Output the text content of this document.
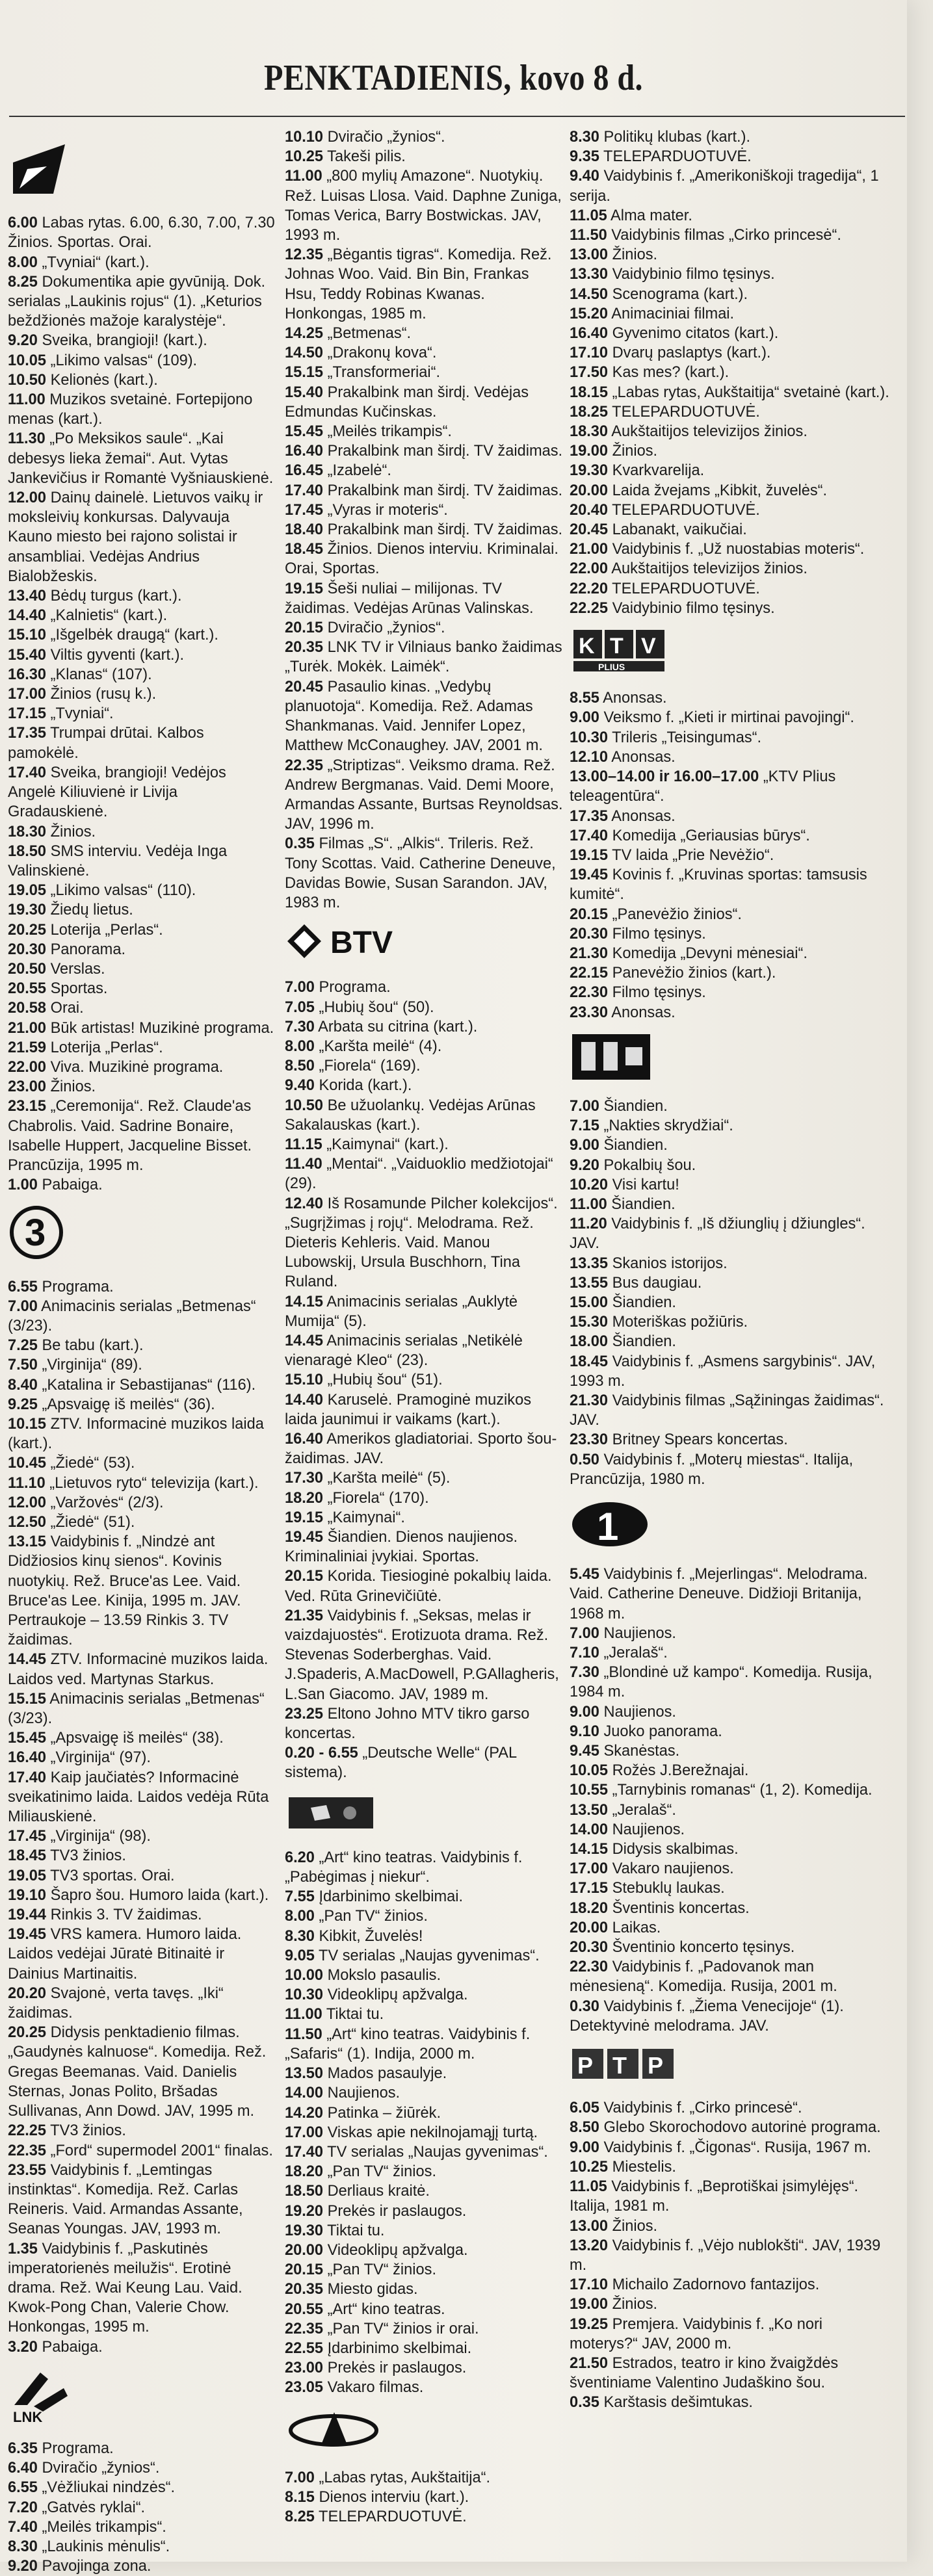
PENKTADIENIS, kovo 8 d.

6.00 Labas rytas. 6.00, 6.30, 7.00, 7.30 Žinios. Sportas. Orai.

8.00 „Tvyniai“ (kart.).

8.25 Dokumentika apie gyvūniją. Dok. serialas „Laukinis rojus“ (1). „Keturios beždžionės mažoje karalystėje“.

9.20 Sveika, brangioji! (kart.).

10.05 „Likimo valsas“ (109).

10.50 Kelionės (kart.).

11.00 Muzikos svetainė. Fortepijono menas (kart.).

11.30 „Po Meksikos saule“. „Kai debesys lieka žemai“. Aut. Vytas Jankevičius ir Romantė Vyšniauskienė.

12.00 Dainų dainelė. Lietuvos vaikų ir moksleivių konkursas. Dalyvauja Kauno miesto bei rajono solistai ir ansambliai. Vedėjas Andrius Bialobžeskis.

13.40 Bėdų turgus (kart.).

14.40 „Kalnietis“ (kart.).

15.10 „Išgelbėk draugą“ (kart.).

15.40 Viltis gyventi (kart.).

16.30 „Klanas“ (107).

17.00 Žinios (rusų k.).

17.15 „Tvyniai“.

17.35 Trumpai drūtai. Kalbos pamokėlė.

17.40 Sveika, brangioji! Vedėjos Angelė Kiliuvienė ir Livija Gradauskienė.

18.30 Žinios.

18.50 SMS interviu. Vedėja Inga Valinskienė.

19.05 „Likimo valsas“ (110).

19.30 Žiedų lietus.

20.25 Loterija „Perlas“.

20.30 Panorama.

20.50 Verslas.

20.55 Sportas.

20.58 Orai.

21.00 Būk artistas! Muzikinė programa.

21.59 Loterija „Perlas“.

22.00 Viva. Muzikinė programa.

23.00 Žinios.

23.15 „Ceremonija“. Rež. Claude'as Chabrolis. Vaid. Sadrine Bonaire, Isabelle Huppert, Jacqueline Bisset. Prancūzija, 1995 m.

1.00 Pabaiga.

3

6.55 Programa.

7.00 Animacinis serialas „Betmenas“ (3/23).

7.25 Be tabu (kart.).

7.50 „Virginija“ (89).

8.40 „Katalina ir Sebastijanas“ (116).

9.25 „Apsvaigę iš meilės“ (36).

10.15 ZTV. Informacinė muzikos laida (kart.).

10.45 „Žiedė“ (53).

11.10 „Lietuvos ryto“ televizija (kart.).

12.00 „Varžovės“ (2/3).

12.50 „Žiedė“ (51).

13.15 Vaidybinis f. „Nindzė ant Didžiosios kinų sienos“. Kovinis nuotykių. Rež. Bruce'as Lee. Vaid. Bruce'as Lee. Kinija, 1995 m. JAV. Pertraukoje – 13.59 Rinkis 3. TV žaidimas.

14.45 ZTV. Informacinė muzikos laida. Laidos ved. Martynas Starkus.

15.15 Animacinis serialas „Betmenas“ (3/23).

15.45 „Apsvaigę iš meilės“ (38).

16.40 „Virginija“ (97).

17.40 Kaip jaučiatės? Informacinė sveikatinimo laida. Laidos vedėja Rūta Miliauskienė.

17.45 „Virginija“ (98).

18.45 TV3 žinios.

19.05 TV3 sportas. Orai.

19.10 Šapro šou. Humoro laida (kart.).

19.44 Rinkis 3. TV žaidimas.

19.45 VRS kamera. Humoro laida. Laidos vedėjai Jūratė Bitinaitė ir Dainius Martinaitis.

20.20 Svajonė, verta tavęs. „Iki“ žaidimas.

20.25 Didysis penktadienio filmas. „Gaudynės kalnuose“. Komedija. Rež. Gregas Beemanas. Vaid. Danielis Sternas, Jonas Polito, Bršadas Sullivanas, Ann Dowd. JAV, 1995 m.

22.25 TV3 žinios.

22.35 „Ford“ supermodel 2001“ finalas.

23.55 Vaidybinis f. „Lemtingas instinktas“. Komedija. Rež. Carlas Reineris. Vaid. Armandas Assante, Seanas Youngas. JAV, 1993 m.

1.35 Vaidybinis f. „Paskutinės imperatorienės meilužis“. Erotinė drama. Rež. Wai Keung Lau. Vaid. Kwok-Pong Chan, Valerie Chow. Honkongas, 1995 m.

3.20 Pabaiga.

LNK

6.35 Programa.

6.40 Dviračio „žynios“.

6.55 „Vėžliukai nindzės“.

7.20 „Gatvės ryklai“.

7.40 „Meilės trikampis“.

8.30 „Laukinis mėnulis“.

9.20 Pavojinga zona.

10.10 Dviračio „žynios“.

10.25 Takeši pilis.

11.00 „800 mylių Amazone“. Nuotykių. Rež. Luisas Llosa. Vaid. Daphne Zuniga, Tomas Verica, Barry Bostwickas. JAV, 1993 m.

12.35 „Bėgantis tigras“. Komedija. Rež. Johnas Woo. Vaid. Bin Bin, Frankas Hsu, Teddy Robinas Kwanas. Honkongas, 1985 m.

14.25 „Betmenas“.

14.50 „Drakonų kova“.

15.15 „Transformeriai“.

15.40 Prakalbink man širdį. Vedėjas Edmundas Kučinskas.

15.45 „Meilės trikampis“.

16.40 Prakalbink man širdį. TV žaidimas.

16.45 „Izabelė“.

17.40 Prakalbink man širdį. TV žaidimas.

17.45 „Vyras ir moteris“.

18.40 Prakalbink man širdį. TV žaidimas.

18.45 Žinios. Dienos interviu. Kriminalai. Orai, Sportas.

19.15 Šeši nuliai – milijonas. TV žaidimas. Vedėjas Arūnas Valinskas.

20.15 Dviračio „žynios“.

20.35 LNK TV ir Vilniaus banko žaidimas „Turėk. Mokėk. Laimėk“.

20.45 Pasaulio kinas. „Vedybų planuotoja“. Komedija. Rež. Adamas Shankmanas. Vaid. Jennifer Lopez, Matthew McConaughey. JAV, 2001 m.

22.35 „Striptizas“. Veiksmo drama. Rež. Andrew Bergmanas. Vaid. Demi Moore, Armandas Assante, Burtsas Reynoldsas. JAV, 1996 m.

0.35 Filmas „S“. „Alkis“. Trileris. Rež. Tony Scottas. Vaid. Catherine Deneuve, Davidas Bowie, Susan Sarandon. JAV, 1983 m.

BTV

7.00 Programa.

7.05 „Hubių šou“ (50).

7.30 Arbata su citrina (kart.).

8.00 „Karšta meilė“ (4).

8.50 „Fiorela“ (169).

9.40 Korida (kart.).

10.50 Be užuolankų. Vedėjas Arūnas Sakalauskas (kart.).

11.15 „Kaimynai“ (kart.).

11.40 „Mentai“. „Vaiduoklio medžiotojai“ (29).

12.40 Iš Rosamunde Pilcher kolekcijos“. „Sugrįžimas į rojų“. Melodrama. Rež. Dieteris Kehleris. Vaid. Manou Lubowskij, Ursula Buschhorn, Tina Ruland.

14.15 Animacinis serialas „Auklytė Mumija“ (5).

14.45 Animacinis serialas „Netikėlė vienaragė Kleo“ (23).

15.10 „Hubių šou“ (51).

14.40 Karuselė. Pramoginė muzikos laida jaunimui ir vaikams (kart.).

16.40 Amerikos gladiatoriai. Sporto šou-žaidimas. JAV.

17.30 „Karšta meilė“ (5).

18.20 „Fiorela“ (170).

19.15 „Kaimynai“.

19.45 Šiandien. Dienos naujienos. Kriminaliniai įvykiai. Sportas.

20.15 Korida. Tiesioginė pokalbių laida. Ved. Rūta Grinevičiūtė.

21.35 Vaidybinis f. „Seksas, melas ir vaizdajuostės“. Erotizuota drama. Rež. Stevenas Soderberghas. Vaid. J.Spaderis, A.MacDowell, P.GAllagheris, L.San Giacomo. JAV, 1989 m.

23.25 Eltono Johno MTV tikro garso koncertas.

0.20 - 6.55 „Deutsche Welle“ (PAL sistema).

6.20 „Art“ kino teatras. Vaidybinis f. „Pabėgimas į niekur“.

7.55 Įdarbinimo skelbimai.

8.00 „Pan TV“ žinios.

8.30 Kibkit, Žuvelės!

9.05 TV serialas „Naujas gyvenimas“.

10.00 Mokslo pasaulis.

10.30 Videoklipų apžvalga.

11.00 Tiktai tu.

11.50 „Art“ kino teatras. Vaidybinis f. „Safaris“ (1). Indija, 2000 m.

13.50 Mados pasaulyje.

14.00 Naujienos.

14.20 Patinka – žiūrėk.

17.00 Viskas apie nekilnojamąjį turtą.

17.40 TV serialas „Naujas gyvenimas“.

18.20 „Pan TV“ žinios.

18.50 Derliaus kraitė.

19.20 Prekės ir paslaugos.

19.30 Tiktai tu.

20.00 Videoklipų apžvalga.

20.15 „Pan TV“ žinios.

20.35 Miesto gidas.

20.55 „Art“ kino teatras.

22.35 „Pan TV“ žinios ir orai.

22.55 Įdarbinimo skelbimai.

23.00 Prekės ir paslaugos.

23.05 Vakaro filmas.

7.00 „Labas rytas, Aukštaitija“.

8.15 Dienos interviu (kart.).

8.25 TELEPARDUOTUVĖ.

8.30 Politikų klubas (kart.).

9.35 TELEPARDUOTUVĖ.

9.40 Vaidybinis f. „Amerikoniškoji tragedija“, 1 serija.

11.05 Alma mater.

11.50 Vaidybinis filmas „Cirko princesė“.

13.00 Žinios.

13.30 Vaidybinio filmo tęsinys.

14.50 Scenograma (kart.).

15.20 Animaciniai filmai.

16.40 Gyvenimo citatos (kart.).

17.10 Dvarų paslaptys (kart.).

17.50 Kas mes? (kart.).

18.15 „Labas rytas, Aukštaitija“ svetainė (kart.).

18.25 TELEPARDUOTUVĖ.

18.30 Aukštaitijos televizijos žinios.

19.00 Žinios.

19.30 Kvarkvarelija.

20.00 Laida žvejams „Kibkit, žuvelės“.

20.40 TELEPARDUOTUVĖ.

20.45 Labanakt, vaikučiai.

21.00 Vaidybinis f. „Už nuostabias moteris“.

22.00 Aukštaitijos televizijos žinios.

22.20 TELEPARDUOTUVĖ.

22.25 Vaidybinio filmo tęsinys.

K T V
PLIUS

8.55 Anonsas.

9.00 Veiksmo f. „Kieti ir mirtinai pavojingi“.

10.30 Trileris „Teisingumas“.

12.10 Anonsas.

13.00–14.00 ir 16.00–17.00 „KTV Plius teleagentūra“.

17.35 Anonsas.

17.40 Komedija „Geriausias būrys“.

19.15 TV laida „Prie Nevėžio“.

19.45 Kovinis f. „Kruvinas sportas: tamsusis kumitė“.

20.15 „Panevėžio žinios“.

20.30 Filmo tęsinys.

21.30 Komedija „Devyni mėnesiai“.

22.15 Panevėžio žinios (kart.).

22.30 Filmo tęsinys.

23.30 Anonsas.

7.00 Šiandien.

7.15 „Nakties skrydžiai“.

9.00 Šiandien.

9.20 Pokalbių šou.

10.20 Visi kartu!

11.00 Šiandien.

11.20 Vaidybinis f. „Iš džiunglių į džiungles“. JAV.

13.35 Skanios istorijos.

13.55 Bus daugiau.

15.00 Šiandien.

15.30 Moteriškas požiūris.

18.00 Šiandien.

18.45 Vaidybinis f. „Asmens sargybinis“. JAV, 1993 m.

21.30 Vaidybinis filmas „Sąžiningas žaidimas“. JAV.

23.30 Britney Spears koncertas.

0.50 Vaidybinis f. „Moterų miestas“. Italija, Prancūzija, 1980 m.

1

5.45 Vaidybinis f. „Mejerlingas“. Melodrama. Vaid. Catherine Deneuve. Didžioji Britanija, 1968 m.

7.00 Naujienos.

7.10 „Jeralaš“.

7.30 „Blondinė už kampo“. Komedija. Rusija, 1984 m.

9.00 Naujienos.

9.10 Juoko panorama.

9.45 Skanėstas.

10.05 Rožės J.Berežnajai.

10.55 „Tarnybinis romanas“ (1, 2). Komedija.

13.50 „Jeralaš“.

14.00 Naujienos.

14.15 Didysis skalbimas.

17.00 Vakaro naujienos.

17.15 Stebuklų laukas.

18.20 Šventinis koncertas.

20.00 Laikas.

20.30 Šventinio koncerto tęsinys.

22.30 Vaidybinis f. „Padovanok man mėnesieną“. Komedija. Rusija, 2001 m.

0.30 Vaidybinis f. „Žiema Venecijoje“ (1). Detektyvinė melodrama. JAV.

Р Т Р

6.05 Vaidybinis f. „Cirko princesė“.

8.50 Glebo Skorochodovo autorinė programa.

9.00 Vaidybinis f. „Čigonas“. Rusija, 1967 m.

10.25 Miestelis.

11.05 Vaidybinis f. „Beprotiškai įsimylėjęs“. Italija, 1981 m.

13.00 Žinios.

13.20 Vaidybinis f. „Vėjo nublokšti“. JAV, 1939 m.

17.10 Michailo Zadornovo fantazijos.

19.00 Žinios.

19.25 Premjera. Vaidybinis f. „Ko nori moterys?“ JAV, 2000 m.

21.50 Estrados, teatro ir kino žvaigždės šventiniame Valentino Judaškino šou.

0.35 Karštasis dešimtukas.
